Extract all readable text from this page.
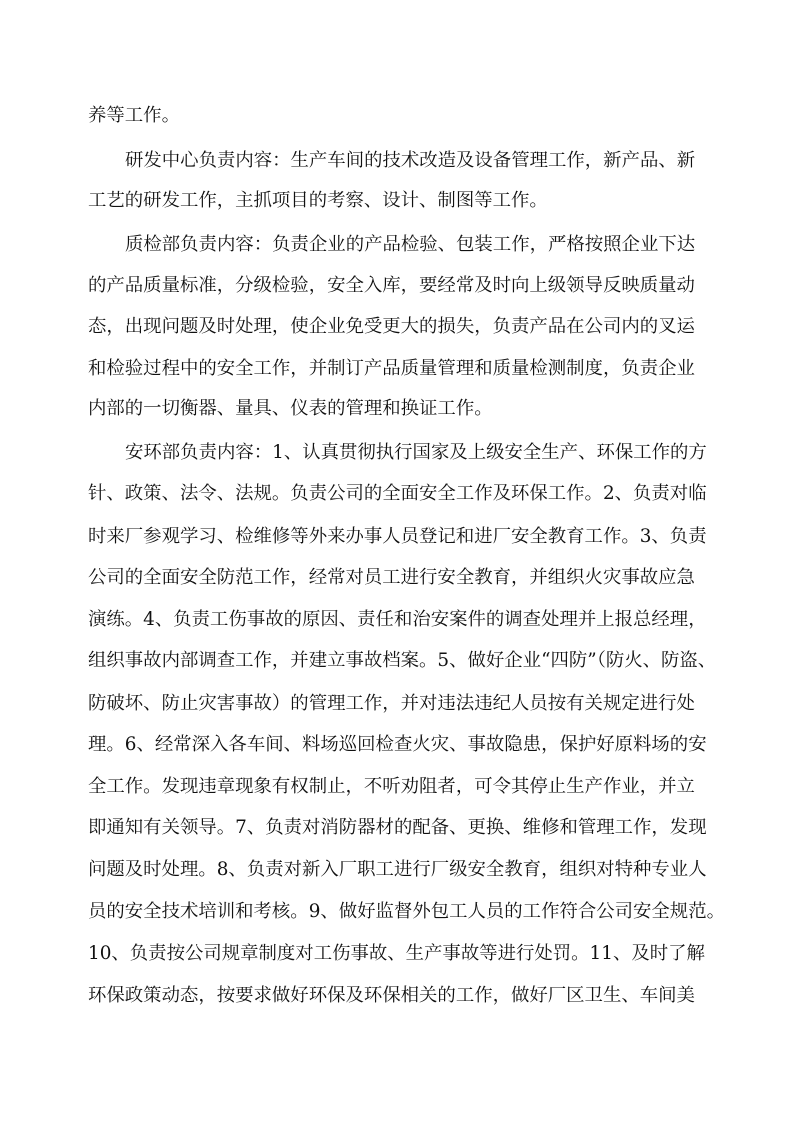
养等工作。
研发中心负责内容：生产车间的技术改造及设备管理工作，新产品、新
工艺的研发工作，主抓项目的考察、设计、制图等工作。
质检部负责内容：负责企业的产品检验、包装工作，严格按照企业下达
的产品质量标准，分级检验，安全入库，要经常及时向上级领导反映质量动
态，出现问题及时处理，使企业免受更大的损失，负责产品在公司内的叉运
和检验过程中的安全工作，并制订产品质量管理和质量检测制度，负责企业
内部的一切衡器、量具、仪表的管理和换证工作。
安环部负责内容：1、认真贯彻执行国家及上级安全生产、环保工作的方
针、政策、法令、法规。负责公司的全面安全工作及环保工作。2、负责对临
时来厂参观学习、检维修等外来办事人员登记和进厂安全教育工作。3、负责
公司的全面安全防范工作，经常对员工进行安全教育，并组织火灾事故应急
演练。4、负责工伤事故的原因、责任和治安案件的调查处理并上报总经理，
组织事故内部调查工作，并建立事故档案。5、做好企业“四防”（防火、防盗、
防破坏、防止灾害事故）的管理工作，并对违法违纪人员按有关规定进行处
理。6、经常深入各车间、料场巡回检查火灾、事故隐患，保护好原料场的安
全工作。发现违章现象有权制止，不听劝阻者，可令其停止生产作业，并立
即通知有关领导。7、负责对消防器材的配备、更换、维修和管理工作，发现
问题及时处理。8、负责对新入厂职工进行厂级安全教育，组织对特种专业人
员的安全技术培训和考核。9、做好监督外包工人员的工作符合公司安全规范。
10、负责按公司规章制度对工伤事故、生产事故等进行处罚。11、及时了解
环保政策动态，按要求做好环保及环保相关的工作，做好厂区卫生、车间美
